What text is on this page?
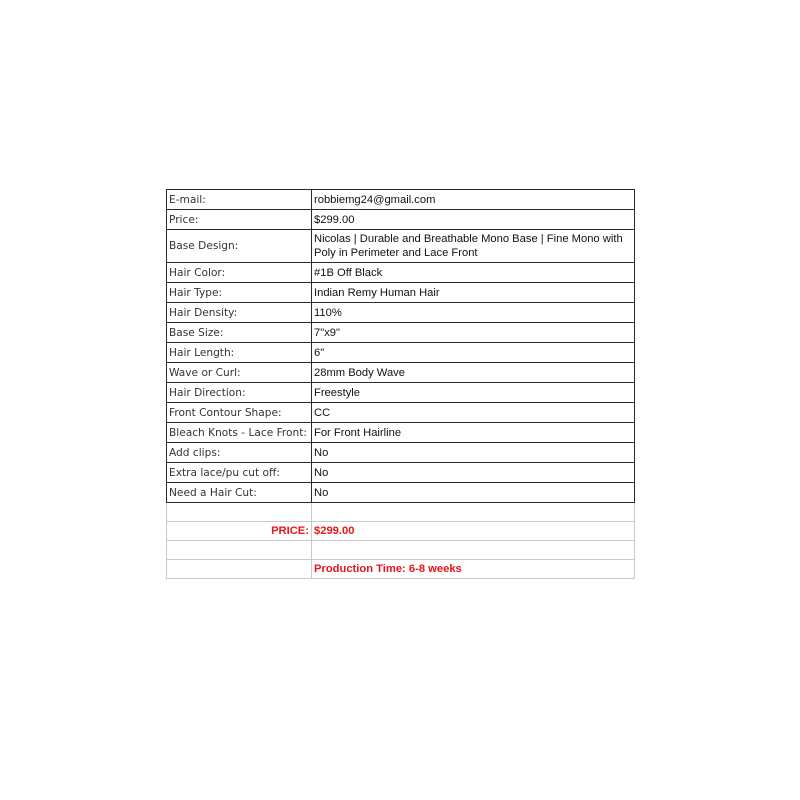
E-mail:	robbiemg24@gmail.com
Price:	$299.00
Base Design:	Nicolas | Durable and Breathable Mono Base | Fine Mono with Poly in Perimeter and Lace Front
Hair Color:	#1B Off Black
Hair Type:	Indian Remy Human Hair
Hair Density:	110%
Base Size:	7"x9"
Hair Length:	6"
Wave or Curl:	28mm Body Wave
Hair Direction:	Freestyle
Front Contour Shape:	CC
Bleach Knots - Lace Front:	For Front Hairline
Add clips:	No
Extra lace/pu cut off:	No
Need a Hair Cut:	No

PRICE:	$299.00

	Production Time: 6-8 weeks
